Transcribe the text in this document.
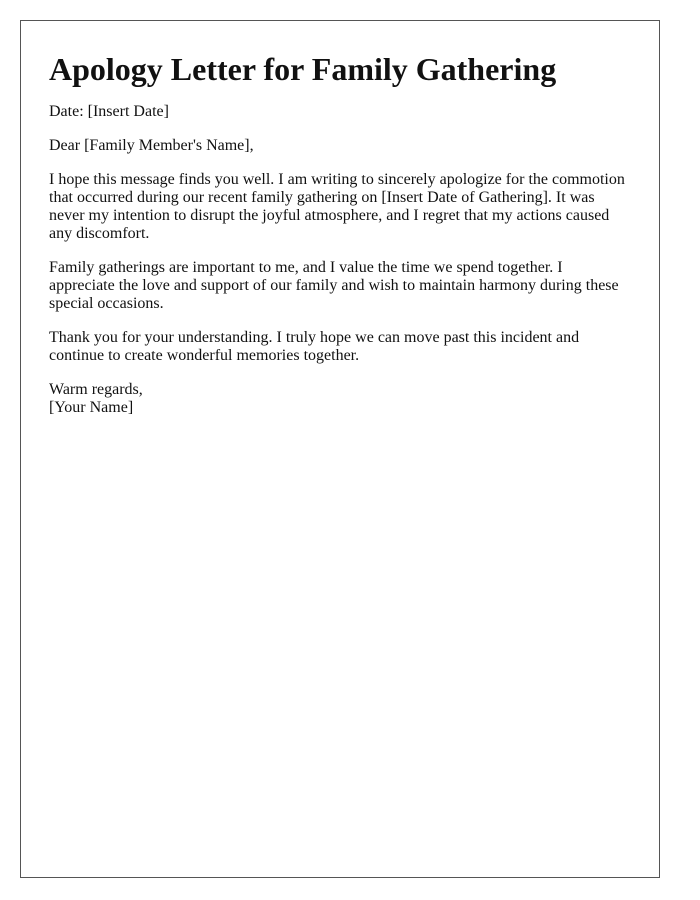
Apology Letter for Family Gathering

Date: [Insert Date]

Dear [Family Member's Name],

I hope this message finds you well. I am writing to sincerely apologize for the commotion that occurred during our recent family gathering on [Insert Date of Gathering]. It was never my intention to disrupt the joyful atmosphere, and I regret that my actions caused any discomfort.

Family gatherings are important to me, and I value the time we spend together. I appreciate the love and support of our family and wish to maintain harmony during these special occasions.

Thank you for your understanding. I truly hope we can move past this incident and continue to create wonderful memories together.

Warm regards,
[Your Name]
